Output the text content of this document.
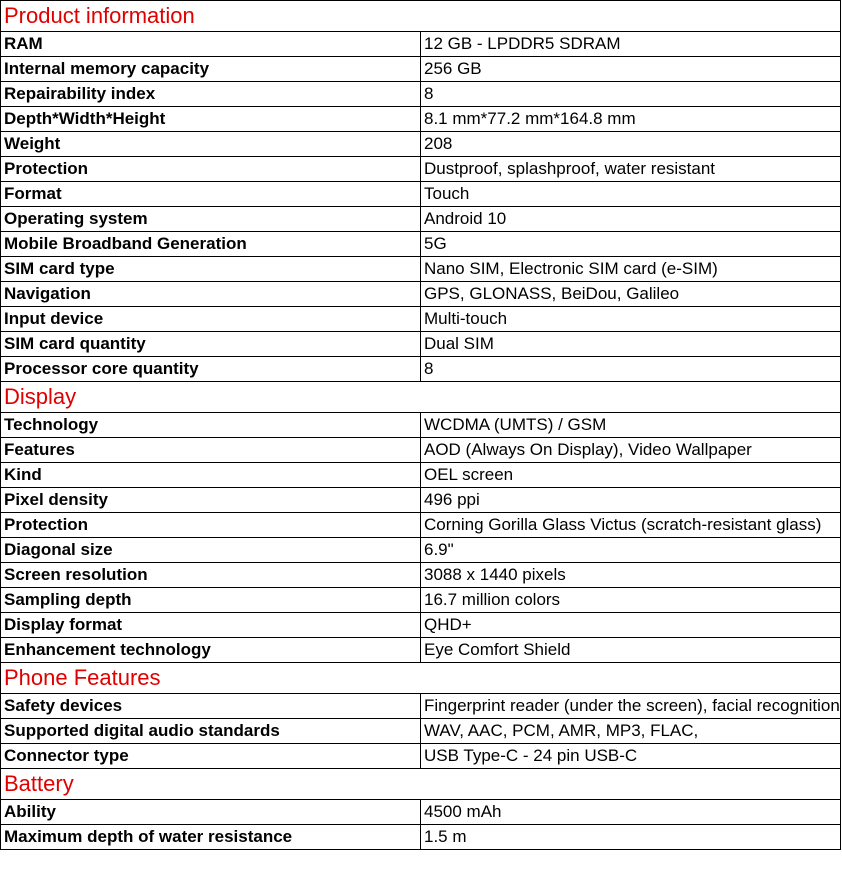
Product information	
RAM	12 GB - LPDDR5 SDRAM
Internal memory capacity	256 GB
Repairability index	8
Depth*Width*Height	8.1 mm*77.2 mm*164.8 mm
Weight	208
Protection	Dustproof, splashproof, water resistant
Format	Touch
Operating system	Android 10
Mobile Broadband Generation	5G
SIM card type	Nano SIM, Electronic SIM card (e-SIM)
Navigation	GPS, GLONASS, BeiDou, Galileo
Input device	Multi-touch
SIM card quantity	Dual SIM
Processor core quantity	8
Display	
Technology	WCDMA (UMTS) / GSM
Features	AOD (Always On Display), Video Wallpaper
Kind	OEL screen
Pixel density	496 ppi
Protection	Corning Gorilla Glass Victus (scratch-resistant glass)
Diagonal size	6.9"
Screen resolution	3088 x 1440 pixels
Sampling depth	16.7 million colors
Display format	QHD+
Enhancement technology	Eye Comfort Shield
Phone Features	
Safety devices	Fingerprint reader (under the screen), facial recognition
Supported digital audio standards	WAV, AAC, PCM, AMR, MP3, FLAC,
Connector type	USB Type-C - 24 pin USB-C
Battery	
Ability	4500 mAh
Maximum depth of water resistance	1.5 m
